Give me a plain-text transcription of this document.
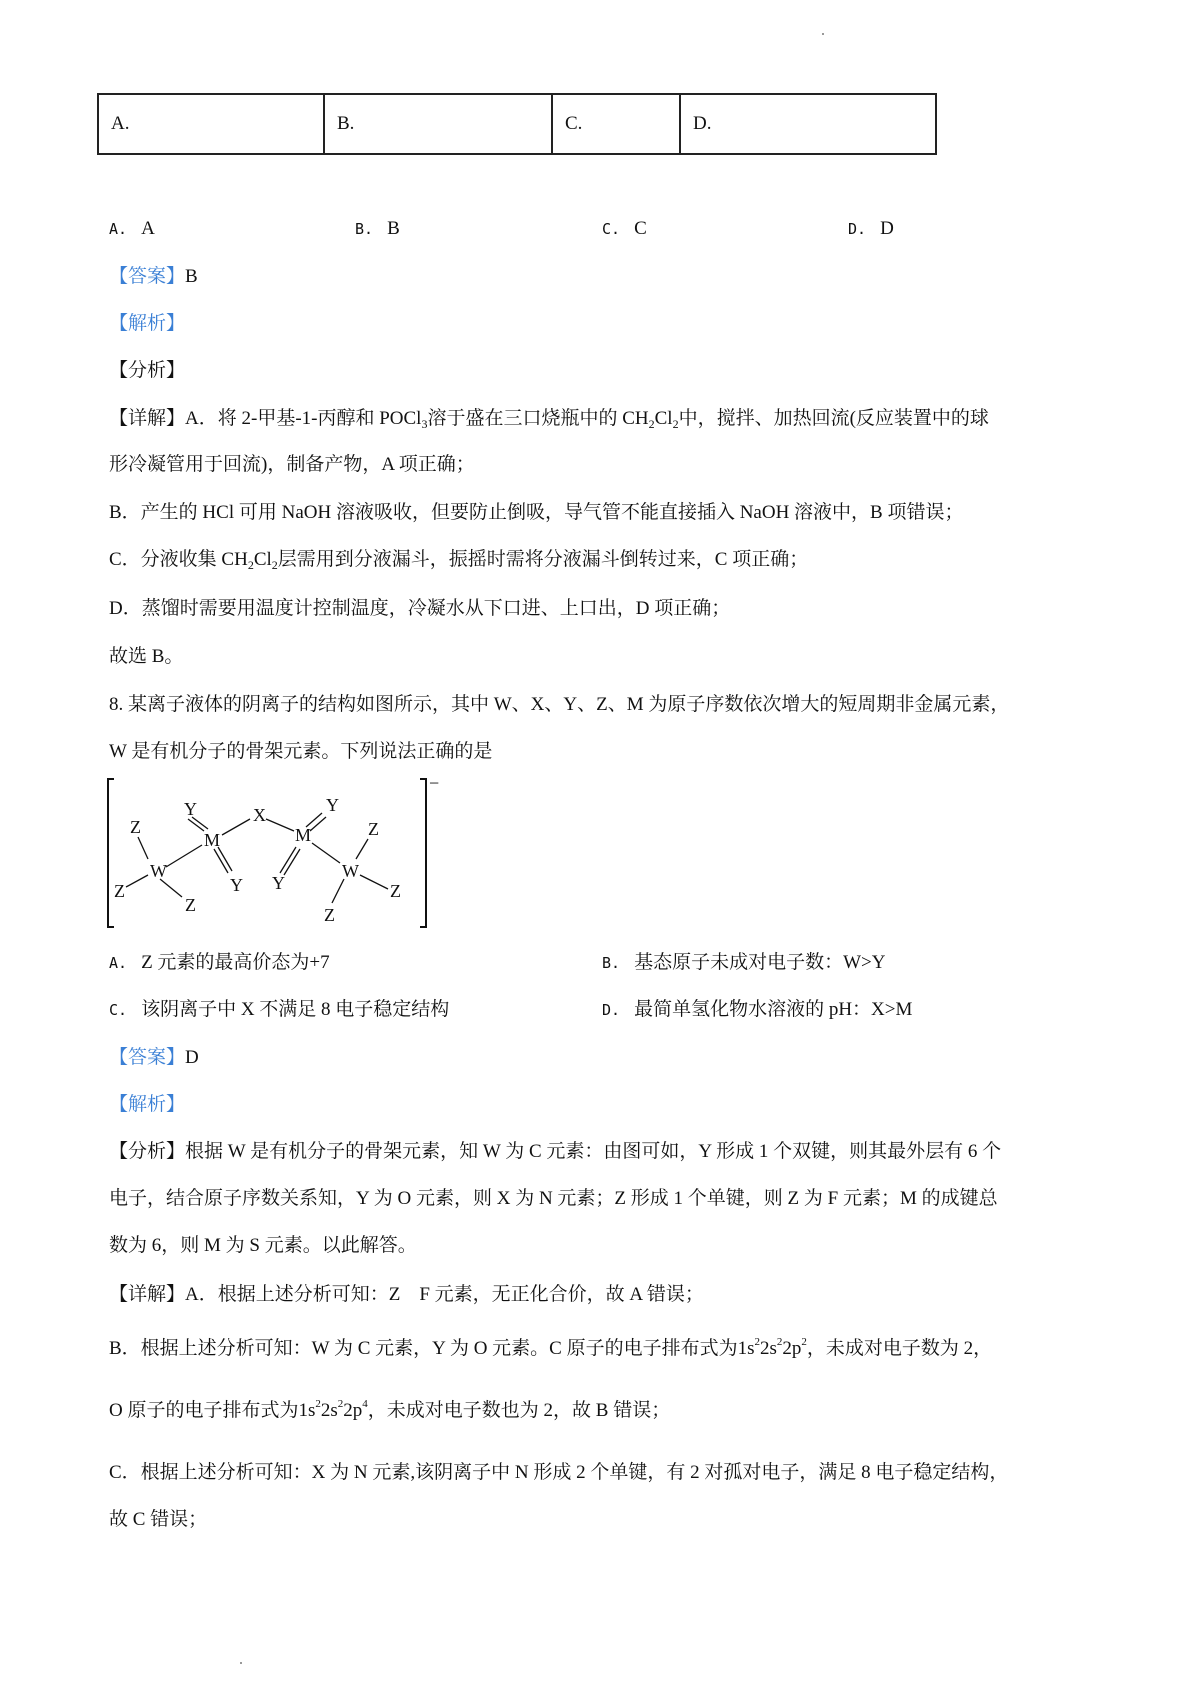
A.	B.	C.	D.
A. A	B. B	C. C	D. D
【答案】B
【解析】
【分析】
【详解】A．将 2-甲基-1-丙醇和 POCl$_3$溶于盛在三口烧瓶中的 $CH_2Cl_2$中，搅拌、加热回流(反应装置中的球
形冷凝管用于回流)，制备产物，A 项正确；
B．产生的 HCl 可用 NaOH 溶液吸收，但要防止倒吸，导气管不能直接插入 NaOH 溶液中，B 项错误；
C．分液收集 $CH_2Cl_2$层需用到分液漏斗，振摇时需将分液漏斗倒转过来，C 项正确；
D．蒸馏时需要用温度计控制温度，冷凝水从下口进、上口出，D 项正确；
故选 B。
8. 某离子液体的阴离子的结构如图所示，其中 W、X、Y、Z、M 为原子序数依次增大的短周期非金属元素，
W 是有机分子的骨架元素。下列说法正确的是
−
W
M
X
M
W
Z
Z
Z
Y
Y
Y
Y
Z
Z
Z
A. Z 元素的最高价态为+7	B. 基态原子未成对电子数：W>Y
C. 该阴离子中 X 不满足 8 电子稳定结构	D. 最简单氢化物水溶液的 pH：X>M
【答案】D
【解析】
【分析】根据 W 是有机分子的骨架元素，知 W 为 C 元素：由图可如，Y 形成 1 个双键，则其最外层有 6 个
电子，结合原子序数关系知，Y 为 O 元素，则 X 为 N 元素；Z 形成 1 个单键，则 Z 为 F 元素；M 的成键总
数为 6，则 M 为 S 元素。以此解答。
【详解】A．根据上述分析可知：Z　F 元素，无正化合价，故 A 错误；
B．根据上述分析可知：W 为 C 元素，Y 为 O 元素。C 原子的电子排布式为$1s^22s^22p^2$，未成对电子数为 2，
O 原子的电子排布式为$1s^22s^22p^4$，未成对电子数也为 2，故 B 错误；
C．根据上述分析可知：X 为 N 元素,该阴离子中 N 形成 2 个单键，有 2 对孤对电子，满足 8 电子稳定结构，
故 C 错误；
